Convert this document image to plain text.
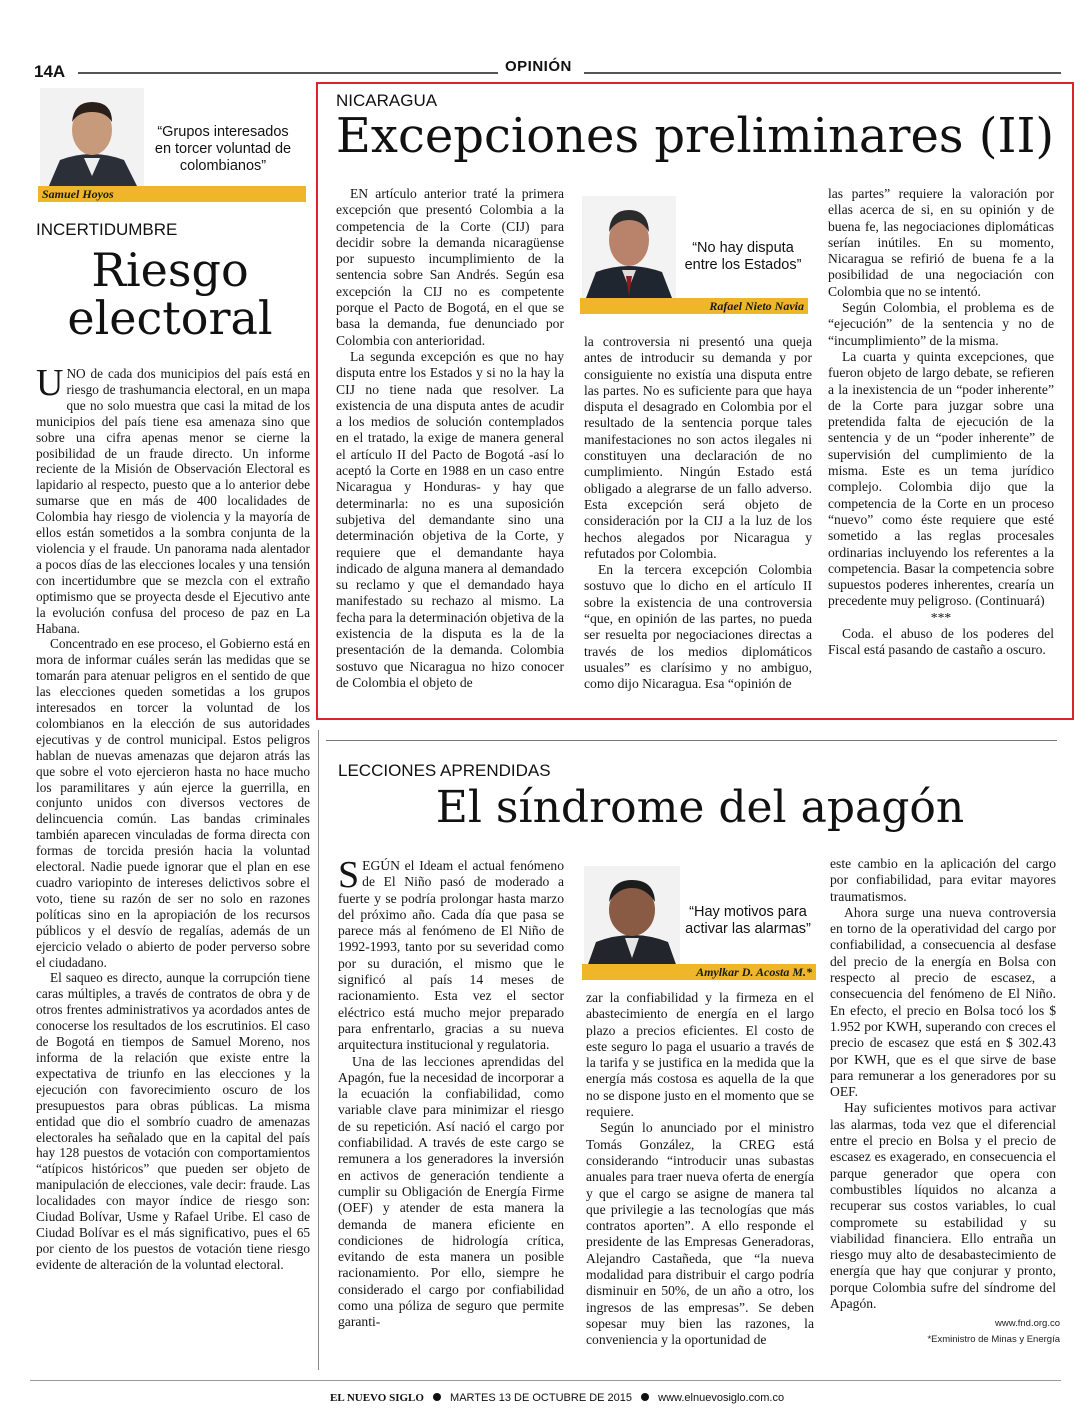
14A	OPINIÓN
“Grupos interesados en torcer voluntad de colombianos”
Samuel Hoyos
INCERTIDUMBRE
Riesgo
electoral

UNO de cada dos municipios del país está en riesgo de trashumancia electoral, en un mapa que no solo muestra que casi la mitad de los municipios del país tiene esa amenaza sino que sobre una cifra apenas menor se cierne la posibilidad de un fraude directo. Un informe reciente de la Misión de Observación Electoral es lapidario al respecto, puesto que a lo anterior debe sumarse que en más de 400 localidades de Colombia hay riesgo de violencia y la mayoría de ellos están sometidos a la sombra conjunta de la violencia y el fraude. Un panorama nada alentador a pocos días de las elecciones locales y una tensión con incertidumbre que se mezcla con el extraño optimismo que se proyecta desde el Ejecutivo ante la evolución confusa del proceso de paz en La Habana.

Concentrado en ese proceso, el Gobierno está en mora de informar cuáles serán las medidas que se tomarán para atenuar peligros en el sentido de que las elecciones queden sometidas a los grupos interesados en torcer la voluntad de los colombianos en la elección de sus autoridades ejecutivas y de control municipal. Estos peligros hablan de nuevas amenazas que dejaron atrás las que sobre el voto ejercieron hasta no hace mucho los paramilitares y aún ejerce la guerrilla, en conjunto unidos con diversos vectores de delincuencia común. Las bandas criminales también aparecen vinculadas de forma directa con formas de torcida presión hacia la voluntad electoral. Nadie puede ignorar que el plan en ese cuadro variopinto de intereses delictivos sobre el voto, tiene su razón de ser no solo en razones políticas sino en la apropiación de los recursos públicos y el desvío de regalías, además de un ejercicio velado o abierto de poder perverso sobre el ciudadano.

El saqueo es directo, aunque la corrupción tiene caras múltiples, a través de contratos de obra y de otros frentes administrativos ya acordados antes de conocerse los resultados de los escrutinios. El caso de Bogotá en tiempos de Samuel Moreno, nos informa de la relación que existe entre la expectativa de triunfo en las elecciones y la ejecución con favorecimiento oscuro de los presupuestos para obras públicas. La misma entidad que dio el sombrío cuadro de amenazas electorales ha señalado que en la capital del país hay 128 puestos de votación con comportamientos “atípicos históricos” que pueden ser objeto de manipulación de elecciones, vale decir: fraude. Las localidades con mayor índice de riesgo son: Ciudad Bolívar, Usme y Rafael Uribe. El caso de Ciudad Bolívar es el más significativo, pues el 65 por ciento de los puestos de votación tiene riesgo evidente de alteración de la voluntad electoral.

NICARAGUA
Excepciones preliminares (II)

EN artículo anterior traté la primera excepción que presentó Colombia a la competencia de la Corte (CIJ) para decidir sobre la demanda nicaragüense por supuesto incumplimiento de la sentencia sobre San Andrés. Según esa excepción la CIJ no es competente porque el Pacto de Bogotá, en el que se basa la demanda, fue denunciado por Colombia con anterioridad.

La segunda excepción es que no hay disputa entre los Estados y si no la hay la CIJ no tiene nada que resolver. La existencia de una disputa antes de acudir a los medios de solución contemplados en el tratado, la exige de manera general el artículo II del Pacto de Bogotá -así lo aceptó la Corte en 1988 en un caso entre Nicaragua y Honduras- y hay que determinarla: no es una suposición subjetiva del demandante sino una determinación objetiva de la Corte, y requiere que el demandante haya indicado de alguna manera al demandado su reclamo y que el demandado haya manifestado su rechazo al mismo. La fecha para la determinación objetiva de la existencia de la disputa es la de la presentación de la demanda. Colombia sostuvo que Nicaragua no hizo conocer de Colombia el objeto de

“No hay disputa entre los Estados”
Rafael Nieto Navia

la controversia ni presentó una queja antes de introducir su demanda y por consiguiente no existía una disputa entre las partes. No es suficiente para que haya disputa el desagrado en Colombia por el resultado de la sentencia porque tales manifestaciones no son actos ilegales ni constituyen una declaración de no cumplimiento. Ningún Estado está obligado a alegrarse de un fallo adverso. Esta excepción será objeto de consideración por la CIJ a la luz de los hechos alegados por Nicaragua y refutados por Colombia.

En la tercera excepción Colombia sostuvo que lo dicho en el artículo II sobre la existencia de una controversia “que, en opinión de las partes, no pueda ser resuelta por negociaciones directas a través de los medios diplomáticos usuales” es clarísimo y no ambiguo, como dijo Nicaragua. Esa “opinión de

las partes” requiere la valoración por ellas acerca de si, en su opinión y de buena fe, las negociaciones diplomáticas serían inútiles. En su momento, Nicaragua se refirió de buena fe a la posibilidad de una negociación con Colombia que no se intentó.

Según Colombia, el problema es de “ejecución” de la sentencia y no de “incumplimiento” de la misma.

La cuarta y quinta excepciones, que fueron objeto de largo debate, se refieren a la inexistencia de un “poder inherente” de la Corte para juzgar sobre una pretendida falta de ejecución de la sentencia y de un “poder inherente” de supervisión del cumplimiento de la misma. Este es un tema jurídico complejo. Colombia dijo que la competencia de la Corte en un proceso “nuevo” como éste requiere que esté sometido a las reglas procesales ordinarias incluyendo los referentes a la competencia. Basar la competencia sobre supuestos poderes inherentes, crearía un precedente muy peligroso. (Continuará)

***

Coda. el abuso de los poderes del Fiscal está pasando de castaño a oscuro.

LECCIONES APRENDIDAS
El síndrome del apagón

SEGÚN el Ideam el actual fenómeno de El Niño pasó de moderado a fuerte y se podría prolongar hasta marzo del próximo año. Cada día que pasa se parece más al fenómeno de El Niño de 1992-1993, tanto por su severidad como por su duración, el mismo que le significó al país 14 meses de racionamiento. Esta vez el sector eléctrico está mucho mejor preparado para enfrentarlo, gracias a su nueva arquitectura institucional y regulatoria.

Una de las lecciones aprendidas del Apagón, fue la necesidad de incorporar a la ecuación la confiabilidad, como variable clave para minimizar el riesgo de su repetición. Así nació el cargo por confiabilidad. A través de este cargo se remunera a los generadores la inversión en activos de generación tendiente a cumplir su Obligación de Energía Firme (OEF) y atender de esta manera la demanda de manera eficiente en condiciones de hidrología crítica, evitando de esta manera un posible racionamiento. Por ello, siempre he considerado el cargo por confiabilidad como una póliza de seguro que permite garanti-

“Hay motivos para activar las alarmas”
Amylkar D. Acosta M.*

zar la confiabilidad y la firmeza en el abastecimiento de energía en el largo plazo a precios eficientes. El costo de este seguro lo paga el usuario a través de la tarifa y se justifica en la medida que la energía más costosa es aquella de la que no se dispone justo en el momento que se requiere.

Según lo anunciado por el ministro Tomás González, la CREG está considerando “introducir unas subastas anuales para traer nueva oferta de energía y que el cargo se asigne de manera tal que privilegie a las tecnologías que más contratos aporten”. A ello responde el presidente de las Empresas Generadoras, Alejandro Castañeda, que “la nueva modalidad para distribuir el cargo podría disminuir en 50%, de un año a otro, los ingresos de las empresas”. Se deben sopesar muy bien las razones, la conveniencia y la oportunidad de

este cambio en la aplicación del cargo por confiabilidad, para evitar mayores traumatismos.

Ahora surge una nueva controversia en torno de la operatividad del cargo por confiabilidad, a consecuencia al desfase del precio de la energía en Bolsa con respecto al precio de escasez, a consecuencia del fenómeno de El Niño. En efecto, el precio en Bolsa tocó los $ 1.952 por KWH, superando con creces el precio de escasez que está en $ 302.43 por KWH, que es el que sirve de base para remunerar a los generadores por su OEF.

Hay suficientes motivos para activar las alarmas, toda vez que el diferencial entre el precio en Bolsa y el precio de escasez es exagerado, en consecuencia el parque generador que opera con combustibles líquidos no alcanza a recuperar sus costos variables, lo cual compromete su estabilidad y su viabilidad financiera. Ello entraña un riesgo muy alto de desabastecimiento de energía que hay que conjurar y pronto, porque Colombia sufre del síndrome del Apagón.

www.fnd.org.co
*Exministro de Minas y Energía
EL NUEVO SIGLO MARTES 13 DE OCTUBRE DE 2015 www.elnuevosiglo.com.co
